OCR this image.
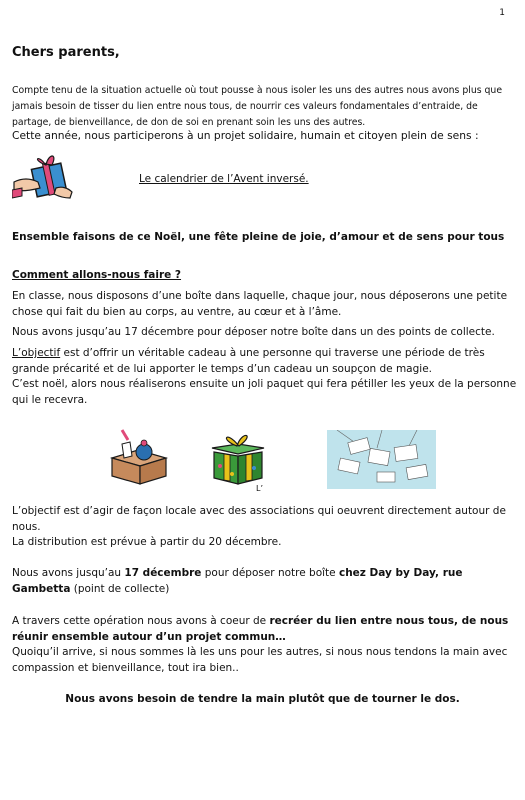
1
Chers parents,
Compte tenu de la situation actuelle où tout pousse à nous isoler les uns des autres nous avons plus que jamais besoin de tisser du lien entre nous tous, de nourrir ces valeurs fondamentales d’entraide, de partage, de bienveillance, de don de soi en prenant soin les uns des autres.
Cette année, nous participerons à un projet solidaire, humain et citoyen plein de sens :
Le calendrier de l’Avent inversé.
Ensemble faisons de ce Noël, une fête pleine de joie, d’amour et de sens pour tous
Comment allons-nous faire ?
En classe, nous disposons d’une boîte dans laquelle, chaque jour, nous déposerons une petite chose qui fait du bien au corps, au ventre, au cœur et à l’âme.
Nous avons jusqu’au 17 décembre pour déposer notre boîte dans un des points de collecte.
L’objectif est d’offrir un véritable cadeau à une personne qui traverse une période de très grande précarité et de lui apporter le temps d’un cadeau un soupçon de magie.
C’est noël, alors nous réaliserons ensuite un joli paquet qui fera pétiller les yeux de la personne qui le recevra.
L’
L’objectif est d’agir de façon locale avec des associations qui oeuvrent directement autour de nous.
La distribution est prévue à partir du 20 décembre.
Nous avons jusqu’au 17 décembre pour déposer notre boîte chez Day by Day, rue Gambetta (point de collecte)
A travers cette opération nous avons à coeur de recréer du lien entre nous tous, de nous réunir ensemble autour d’un projet commun…
Quoiqu’il arrive, si nous sommes là les uns pour les autres, si nous nous tendons la main avec compassion et bienveillance, tout ira bien..
Nous avons besoin de tendre la main plutôt que de tourner le dos.
